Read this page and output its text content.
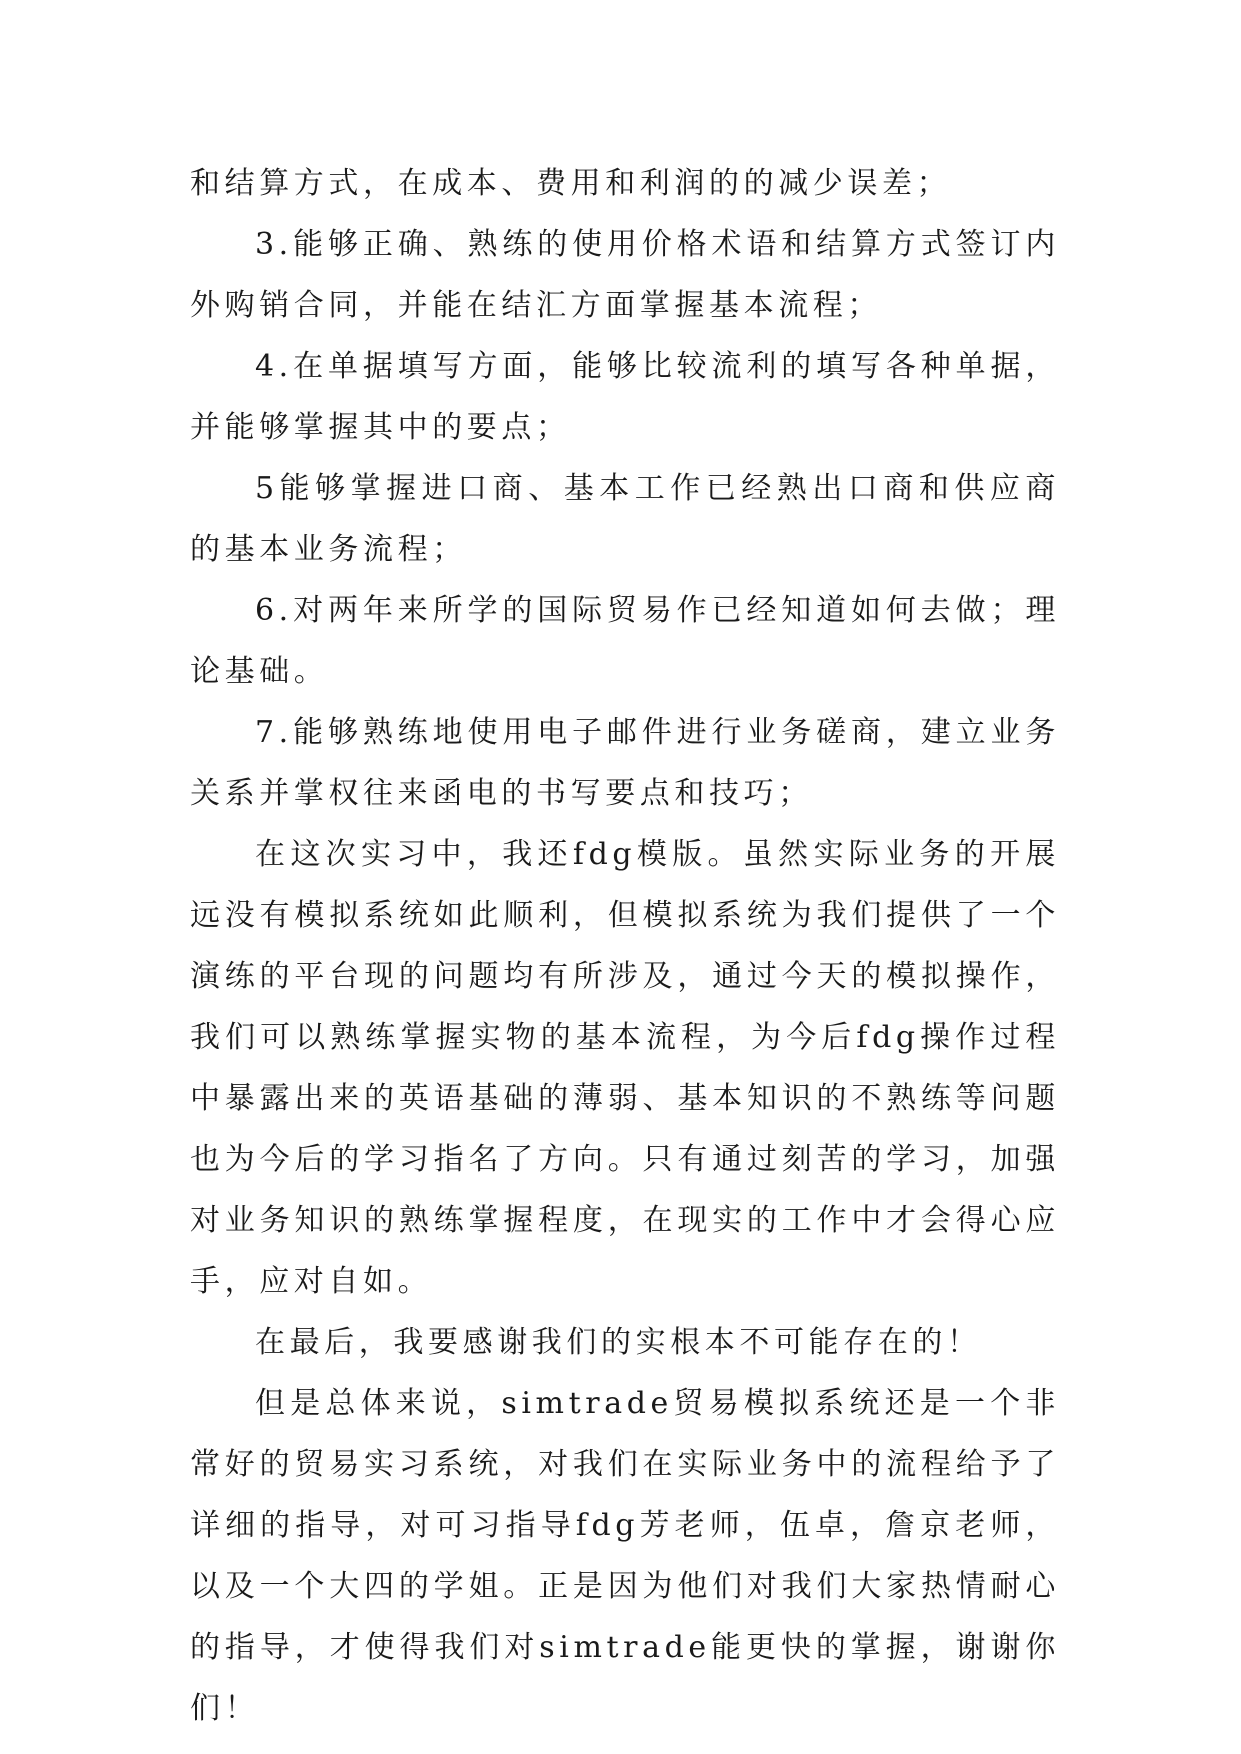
和结算方式，在成本、费用和利润的的减少误差；

3.能够正确、熟练的使用价格术语和结算方式签订内外购销合同，并能在结汇方面掌握基本流程；

4.在单据填写方面，能够比较流利的填写各种单据，并能够掌握其中的要点；

5能够掌握进口商、基本工作已经熟出口商和供应商的基本业务流程；

6.对两年来所学的国际贸易作已经知道如何去做；理论基础。

7.能够熟练地使用电子邮件进行业务磋商，建立业务关系并掌权往来函电的书写要点和技巧；

在这次实习中，我还fdg模版。虽然实际业务的开展远没有模拟系统如此顺利，但模拟系统为我们提供了一个演练的平台现的问题均有所涉及，通过今天的模拟操作，我们可以熟练掌握实物的基本流程，为今后fdg操作过程中暴露出来的英语基础的薄弱、基本知识的不熟练等问题也为今后的学习指名了方向。只有通过刻苦的学习，加强对业务知识的熟练掌握程度，在现实的工作中才会得心应手，应对自如。

在最后，我要感谢我们的实根本不可能存在的！

但是总体来说，simtrade贸易模拟系统还是一个非常好的贸易实习系统，对我们在实际业务中的流程给予了详细的指导，对可习指导fdg芳老师，伍卓，詹京老师，以及一个大四的学姐。正是因为他们对我们大家热情耐心的指导，才使得我们对simtrade能更快的掌握，谢谢你们！
